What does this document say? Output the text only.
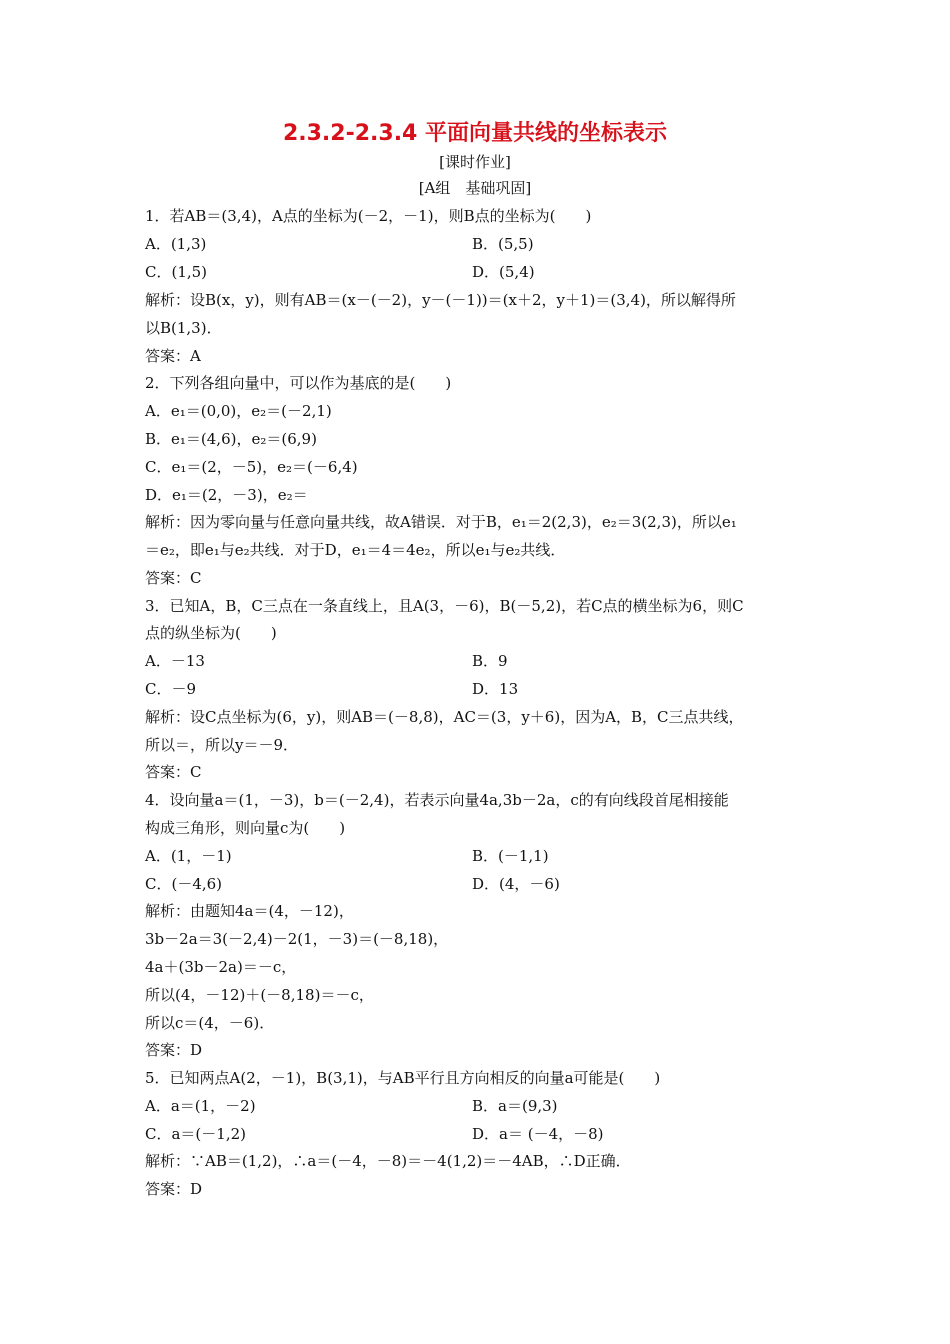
2.3.2-2.3.4 平面向量共线的坐标表示
[课时作业]
[A组　基础巩固]
1．若AB＝(3,4)，A点的坐标为(－2，－1)，则B点的坐标为(　　)
A．(1,3)	B．(5,5)
C．(1,5)	D．(5,4)
解析：设B(x，y)，则有AB＝(x－(－2)，y－(－1))＝(x＋2，y＋1)＝(3,4)，所以解得所
以B(1,3)．
答案：A
2．下列各组向量中，可以作为基底的是(　　)
A．e₁＝(0,0)，e₂＝(－2,1)
B．e₁＝(4,6)，e₂＝(6,9)
C．e₁＝(2，－5)，e₂＝(－6,4)
D．e₁＝(2，－3)，e₂＝
解析：因为零向量与任意向量共线，故A错误．对于B，e₁＝2(2,3)，e₂＝3(2,3)，所以e₁
＝e₂，即e₁与e₂共线．对于D，e₁＝4＝4e₂，所以e₁与e₂共线．
答案：C
3．已知A，B，C三点在一条直线上，且A(3，－6)，B(－5,2)，若C点的横坐标为6，则C
点的纵坐标为(　　)
A．－13	B．9
C．－9	D．13
解析：设C点坐标为(6，y)，则AB＝(－8,8)，AC＝(3，y＋6)，因为A，B，C三点共线，
所以＝，所以y＝－9．
答案：C
4．设向量a＝(1，－3)，b＝(－2,4)，若表示向量4a,3b－2a，c的有向线段首尾相接能
构成三角形，则向量c为(　　)
A．(1，－1)	B．(－1,1)
C．(－4,6)	D．(4，－6)
解析：由题知4a＝(4，－12)，
3b－2a＝3(－2,4)－2(1，－3)＝(－8,18)，
4a＋(3b－2a)＝－c，
所以(4，－12)＋(－8,18)＝－c，
所以c＝(4，－6)．
答案：D
5．已知两点A(2，－1)，B(3,1)，与AB平行且方向相反的向量a可能是(　　)
A．a＝(1，－2)	B．a＝(9,3)
C．a＝(－1,2)	D．a＝ (－4，－8)
解析：∵AB＝(1,2)，∴a＝(－4，－8)＝－4(1,2)＝－4AB，∴D正确．
答案：D
